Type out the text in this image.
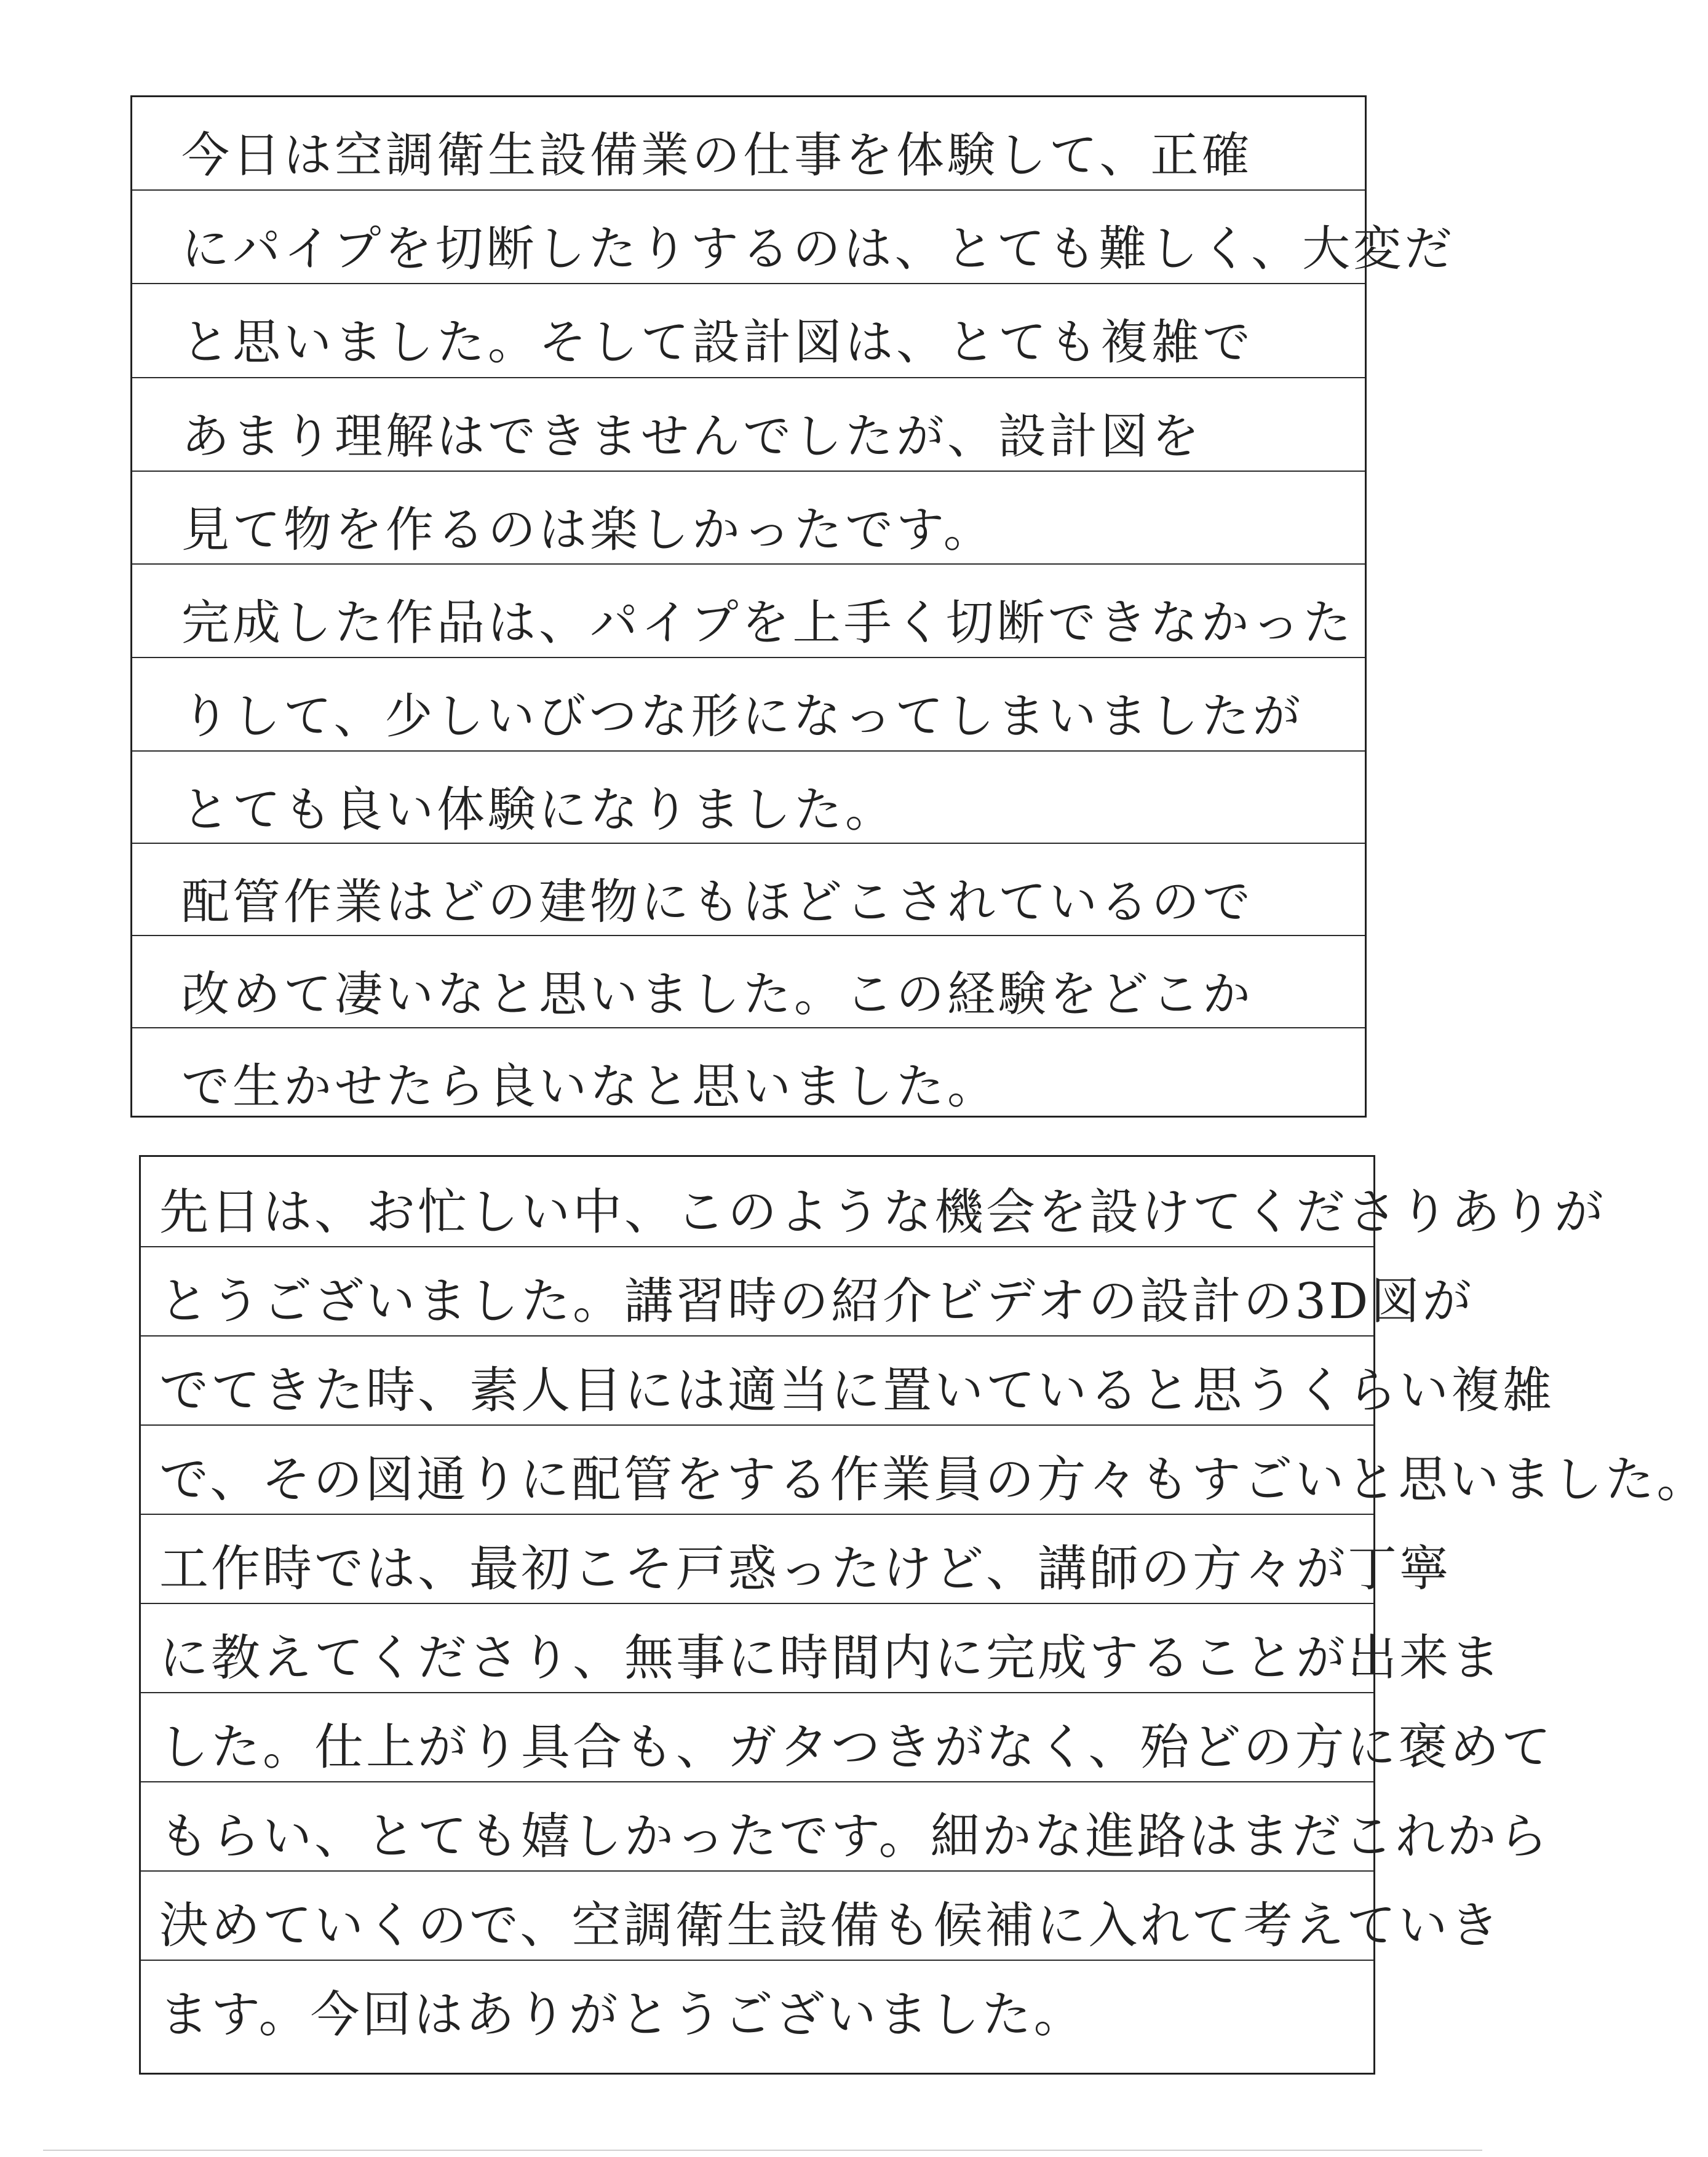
今日は空調衛生設備業の仕事を体験して、正確
にパイプを切断したりするのは、とても難しく、大変だ
と思いました。そして設計図は、とても複雑で
あまり理解はできませんでしたが、設計図を
見て物を作るのは楽しかったです。
完成した作品は、パイプを上手く切断できなかった
りして、少しいびつな形になってしまいましたが
とても良い体験になりました。
配管作業はどの建物にもほどこされているので
改めて凄いなと思いました。この経験をどこか
で生かせたら良いなと思いました。
先日は、お忙しい中、このような機会を設けてくださりありが
とうございました。講習時の紹介ビデオの設計の3D図が
でてきた時、素人目には適当に置いていると思うくらい複雑
で、その図通りに配管をする作業員の方々もすごいと思いました。
工作時では、最初こそ戸惑ったけど、講師の方々が丁寧
に教えてくださり、無事に時間内に完成することが出来ま
した。仕上がり具合も、ガタつきがなく、殆どの方に褒めて
もらい、とても嬉しかったです。細かな進路はまだこれから
決めていくので、空調衛生設備も候補に入れて考えていき
ます。今回はありがとうございました。
